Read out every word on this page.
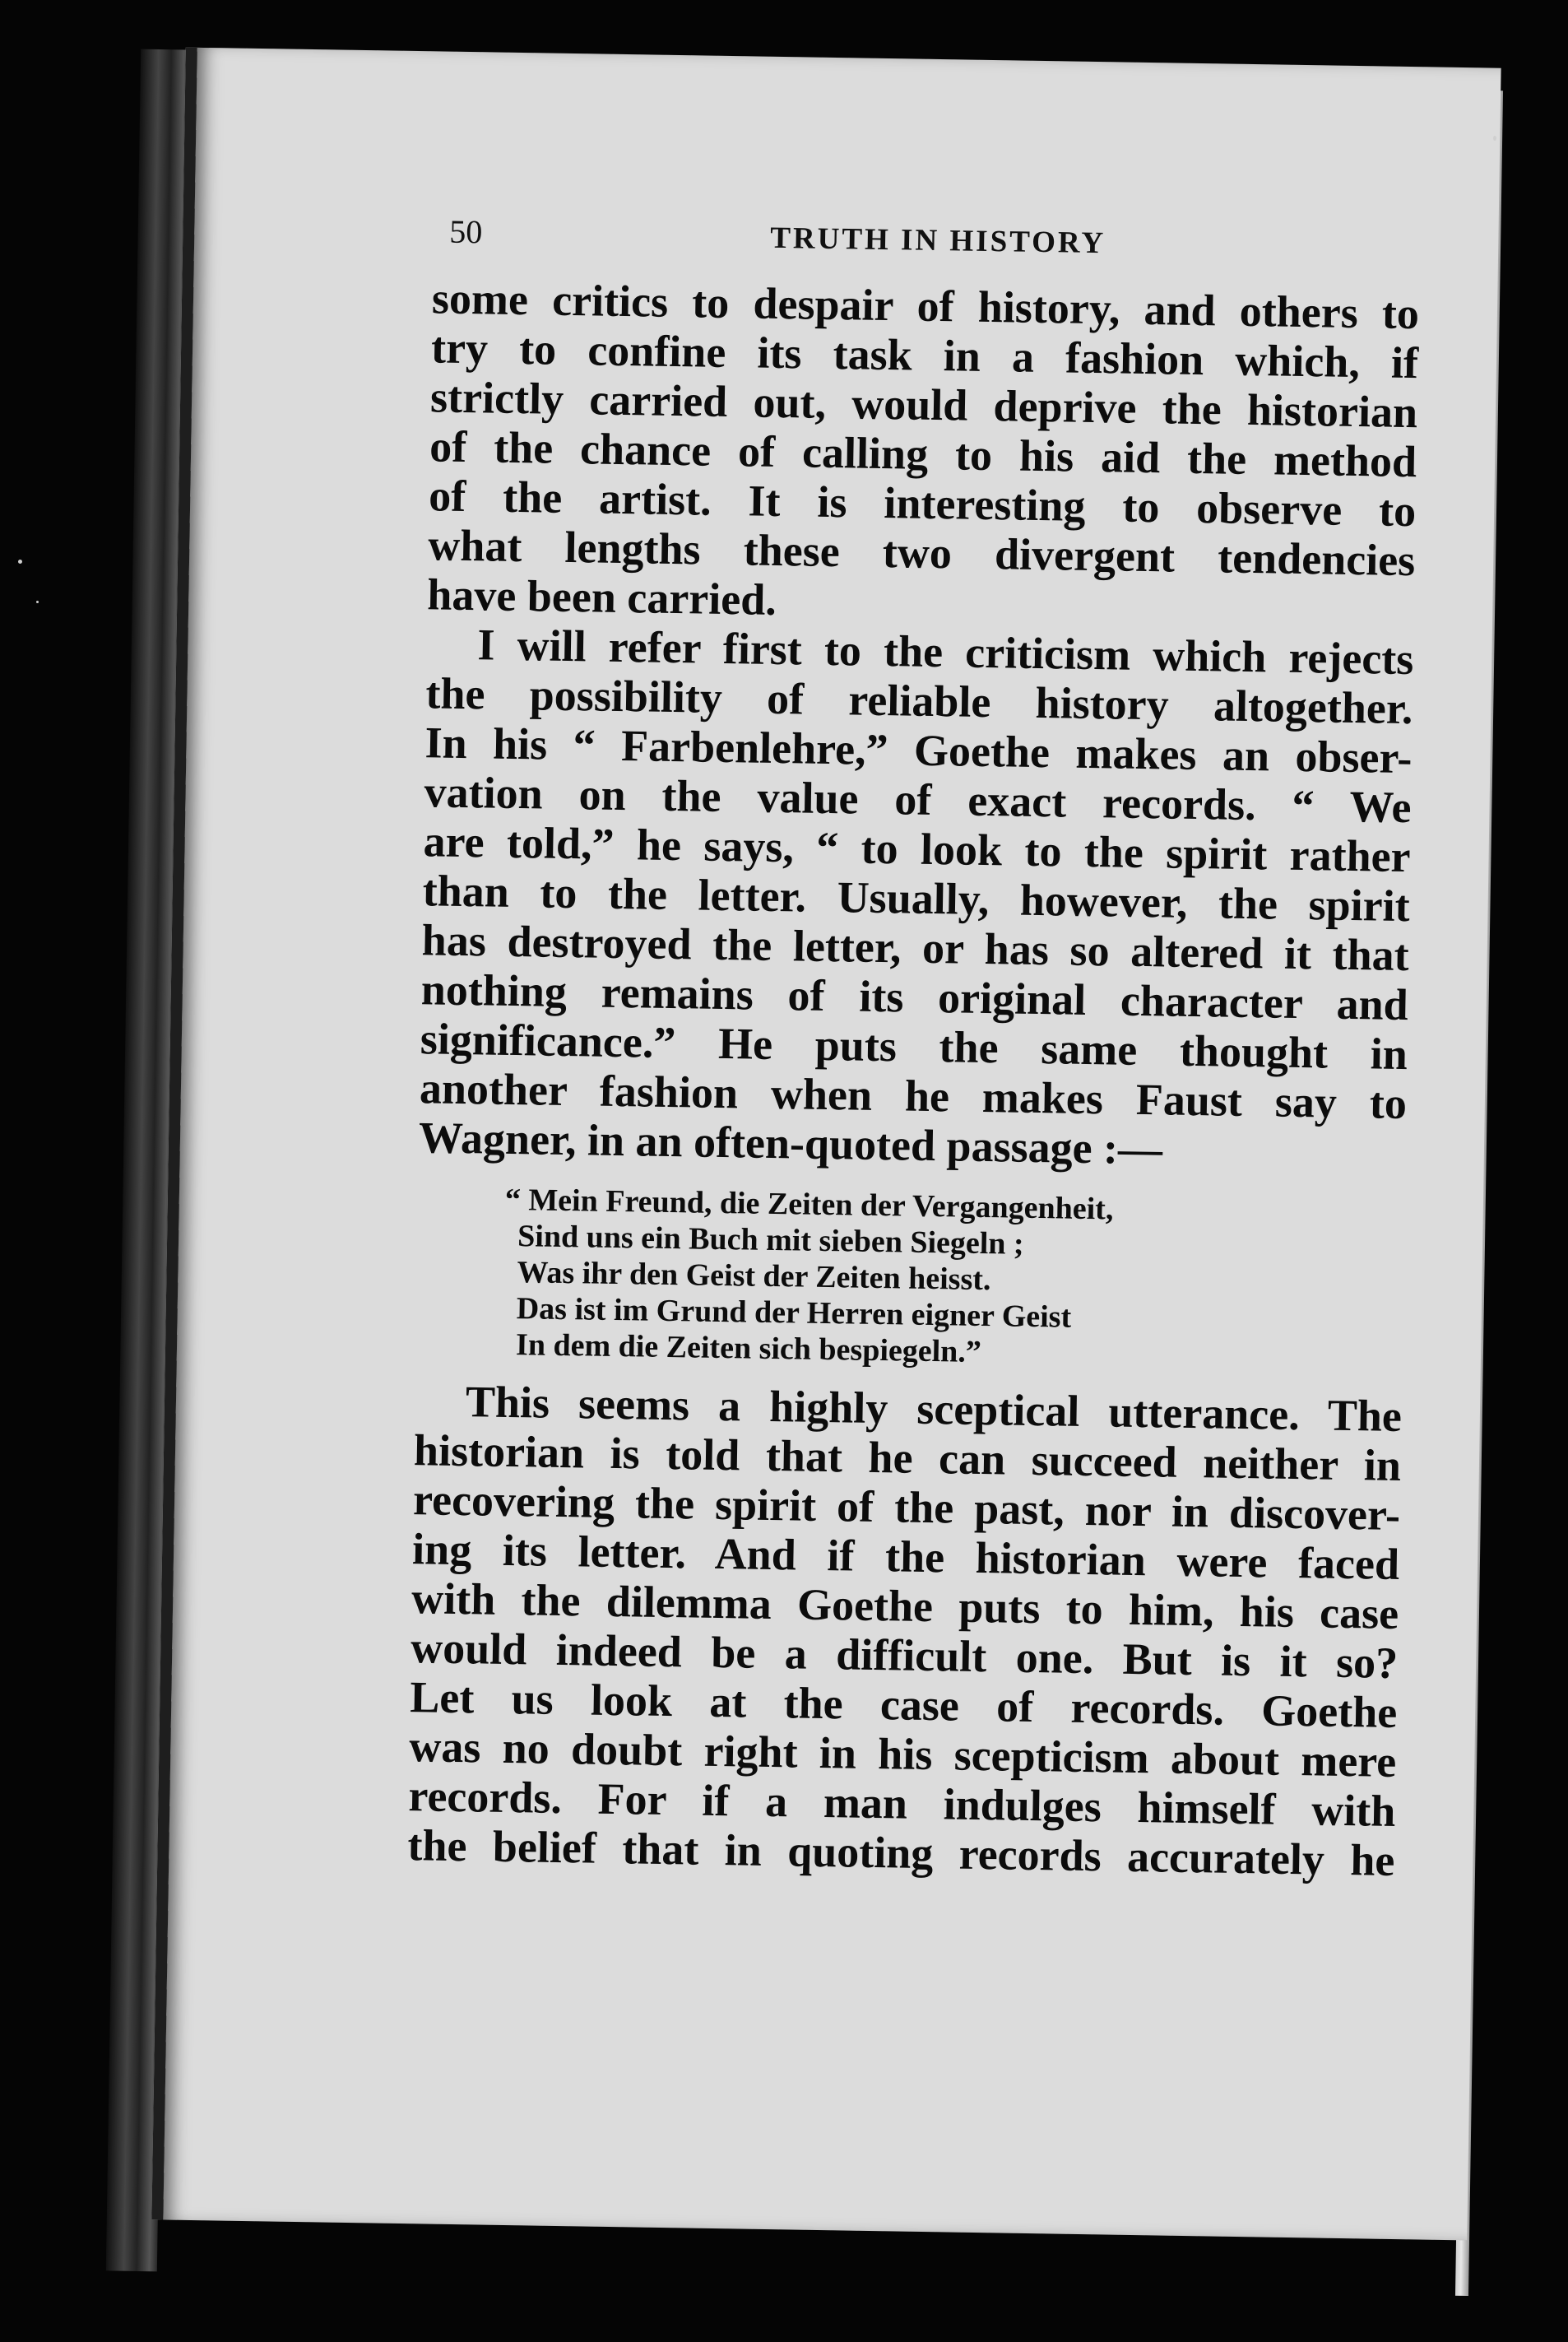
50	TRUTH IN HISTORY
some critics to despair of history, and others to
try to confine its task in a fashion which, if
strictly carried out, would deprive the historian
of the chance of calling to his aid the method
of the artist. It is interesting to observe to
what lengths these two divergent tendencies
have been carried.
I will refer first to the criticism which rejects
the possibility of reliable history altogether.
In his “ Farbenlehre,” Goethe makes an obser-
vation on the value of exact records. “ We
are told,” he says, “ to look to the spirit rather
than to the letter. Usually, however, the spirit
has destroyed the letter, or has so altered it that
nothing remains of its original character and
significance.” He puts the same thought in
another fashion when he makes Faust say to
Wagner, in an often-quoted passage :—
“ Mein Freund, die Zeiten der Vergangenheit,
Sind uns ein Buch mit sieben Siegeln ;
Was ihr den Geist der Zeiten heisst.
Das ist im Grund der Herren eigner Geist
In dem die Zeiten sich bespiegeln.”
This seems a highly sceptical utterance. The
historian is told that he can succeed neither in
recovering the spirit of the past, nor in discover-
ing its letter. And if the historian were faced
with the dilemma Goethe puts to him, his case
would indeed be a difficult one. But is it so?
Let us look at the case of records. Goethe
was no doubt right in his scepticism about mere
records. For if a man indulges himself with
the belief that in quoting records accurately he
